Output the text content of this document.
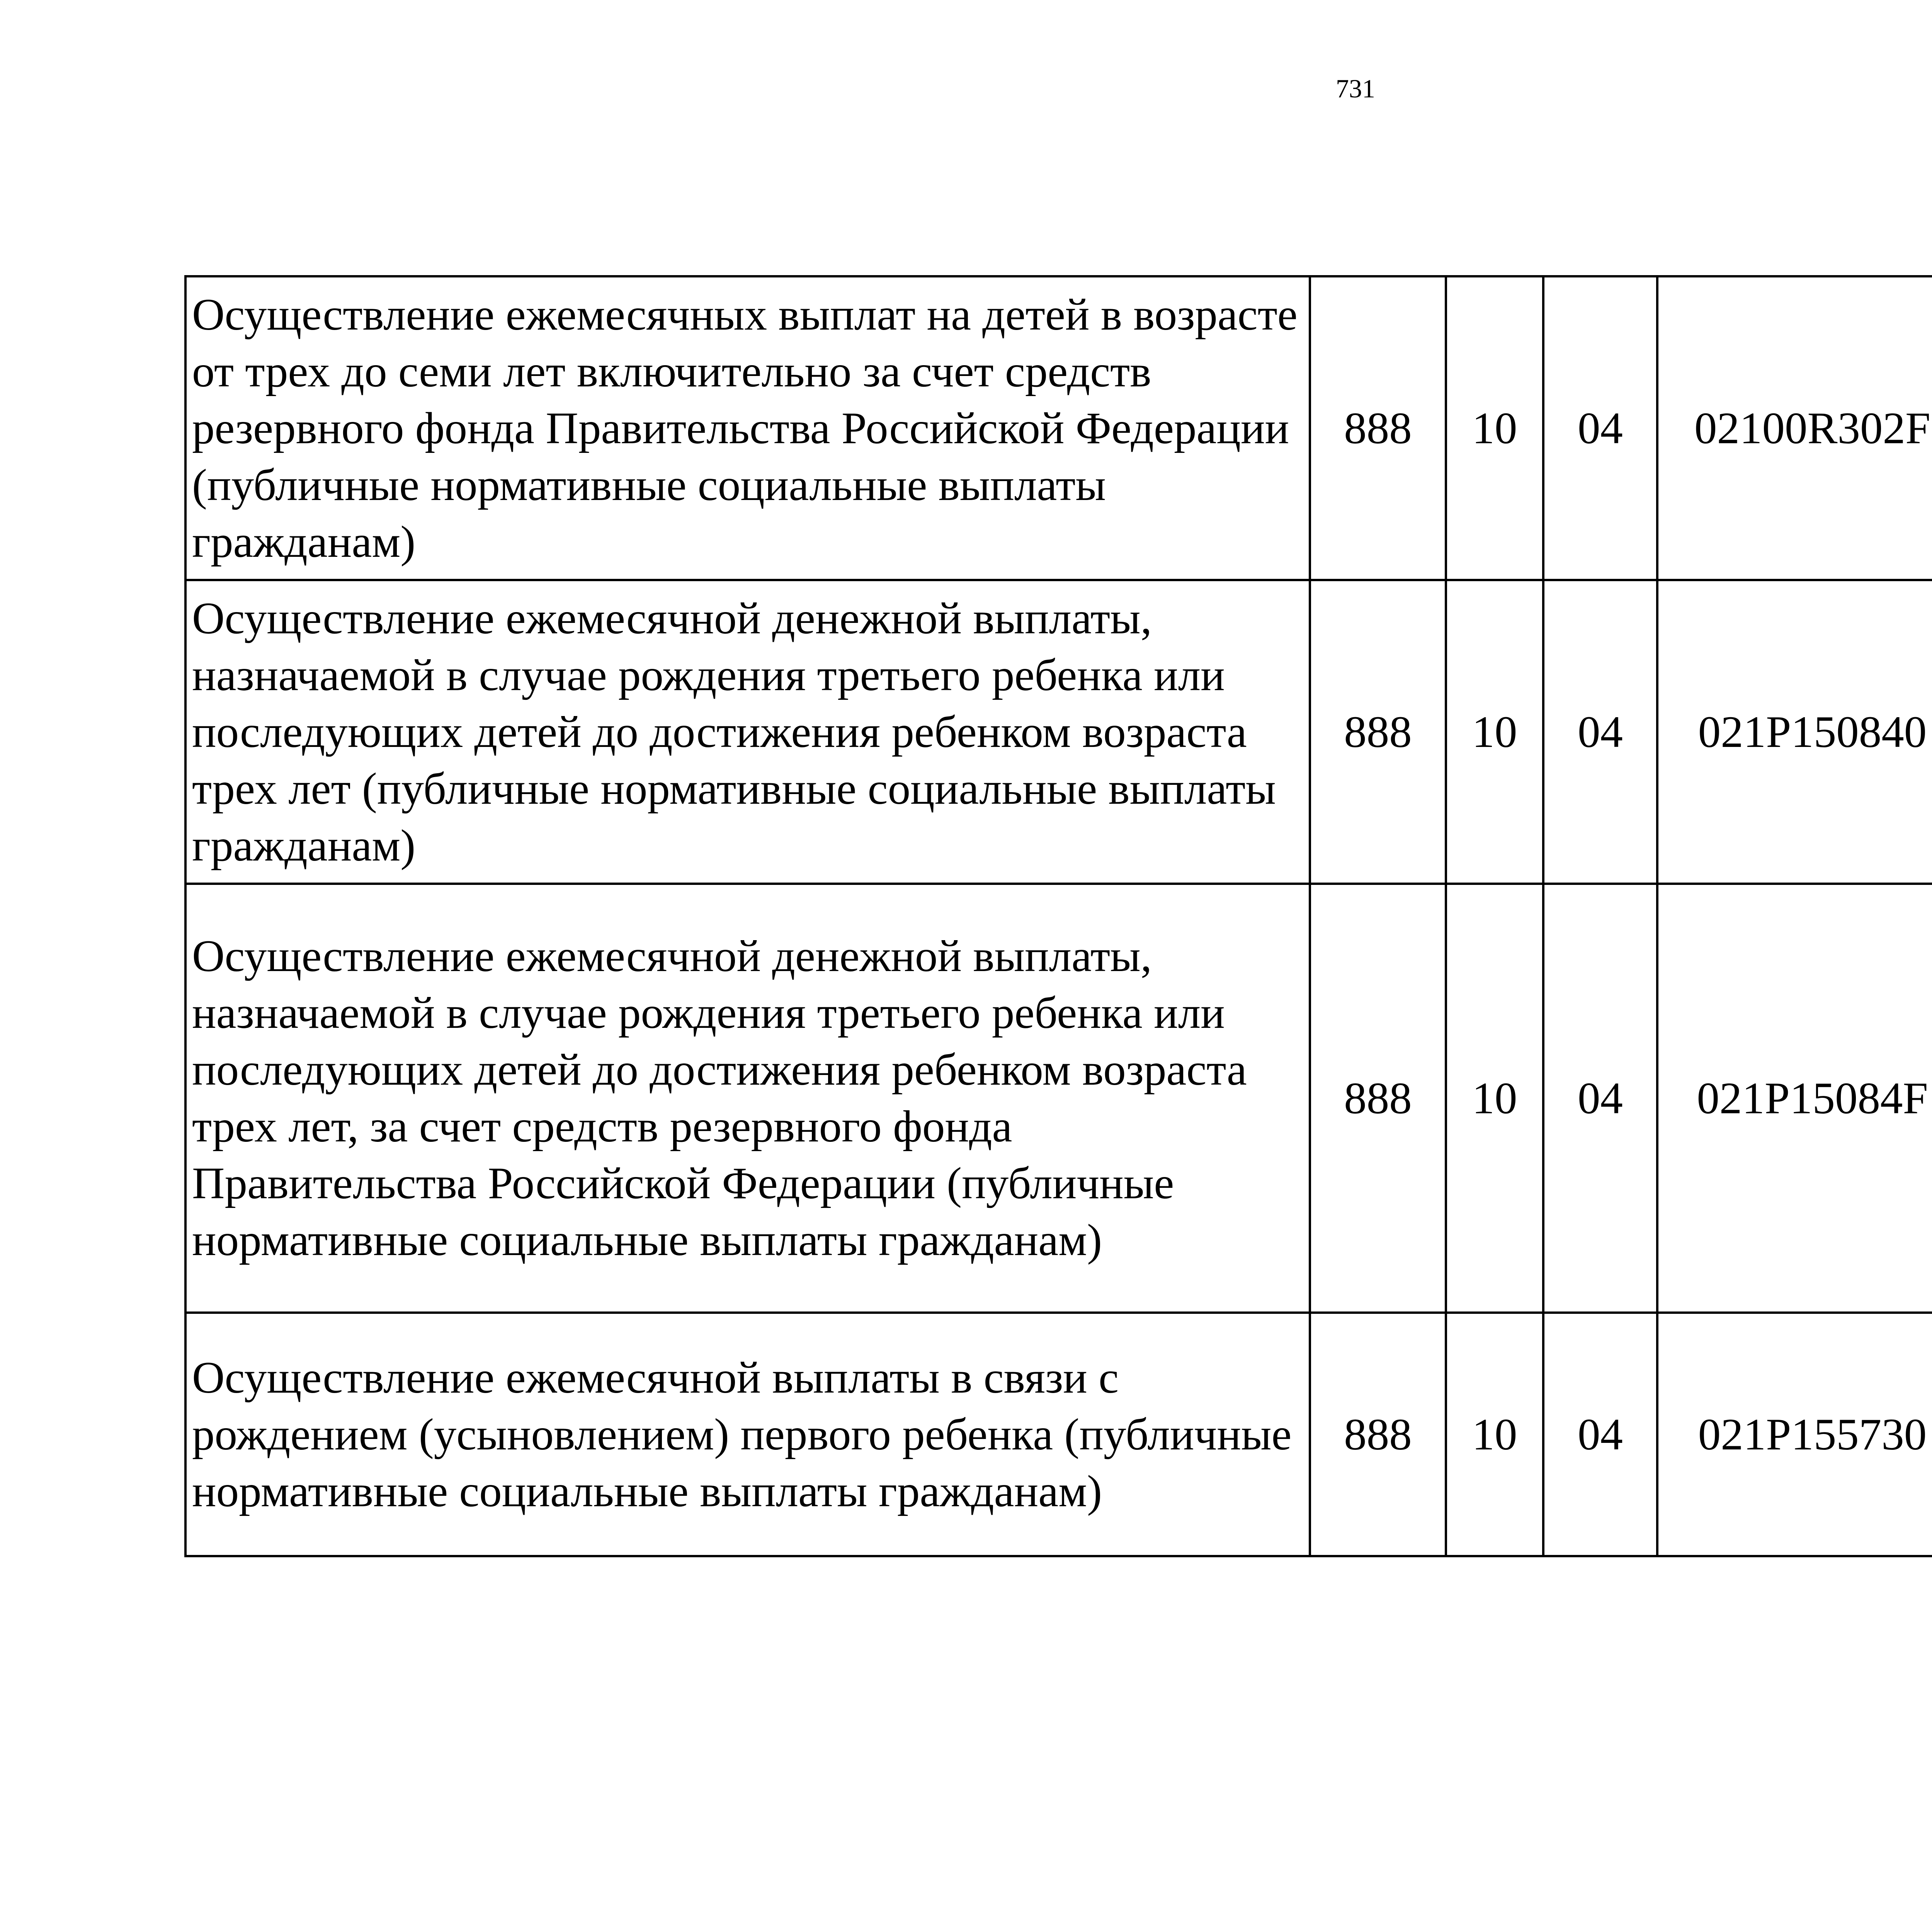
731
Осуществление ежемесячных выплат на детей в возрасте от трех до семи лет включительно за счет средств резервного фонда Правительства Российской Федерации (публичные нормативные социальные выплаты гражданам)	888	10	04	02100R302F		
Осуществление ежемесячной денежной выплаты, назначаемой в случае рождения третьего ребенка или последующих детей до достижения ребенком возраста трех лет (публичные нормативные социальные выплаты гражданам)	888	10	04	021P150840		
Осуществление ежемесячной денежной выплаты, назначаемой в случае рождения третьего ребенка или последующих детей до достижения ребенком возраста трех лет, за счет средств резервного фонда Правительства Российской Федерации (публичные нормативные социальные выплаты гражданам)	888	10	04	021P15084F		
Осуществление ежемесячной выплаты в связи с рождением (усыновлением) первого ребенка (публичные нормативные социальные выплаты гражданам)	888	10	04	021P155730		
